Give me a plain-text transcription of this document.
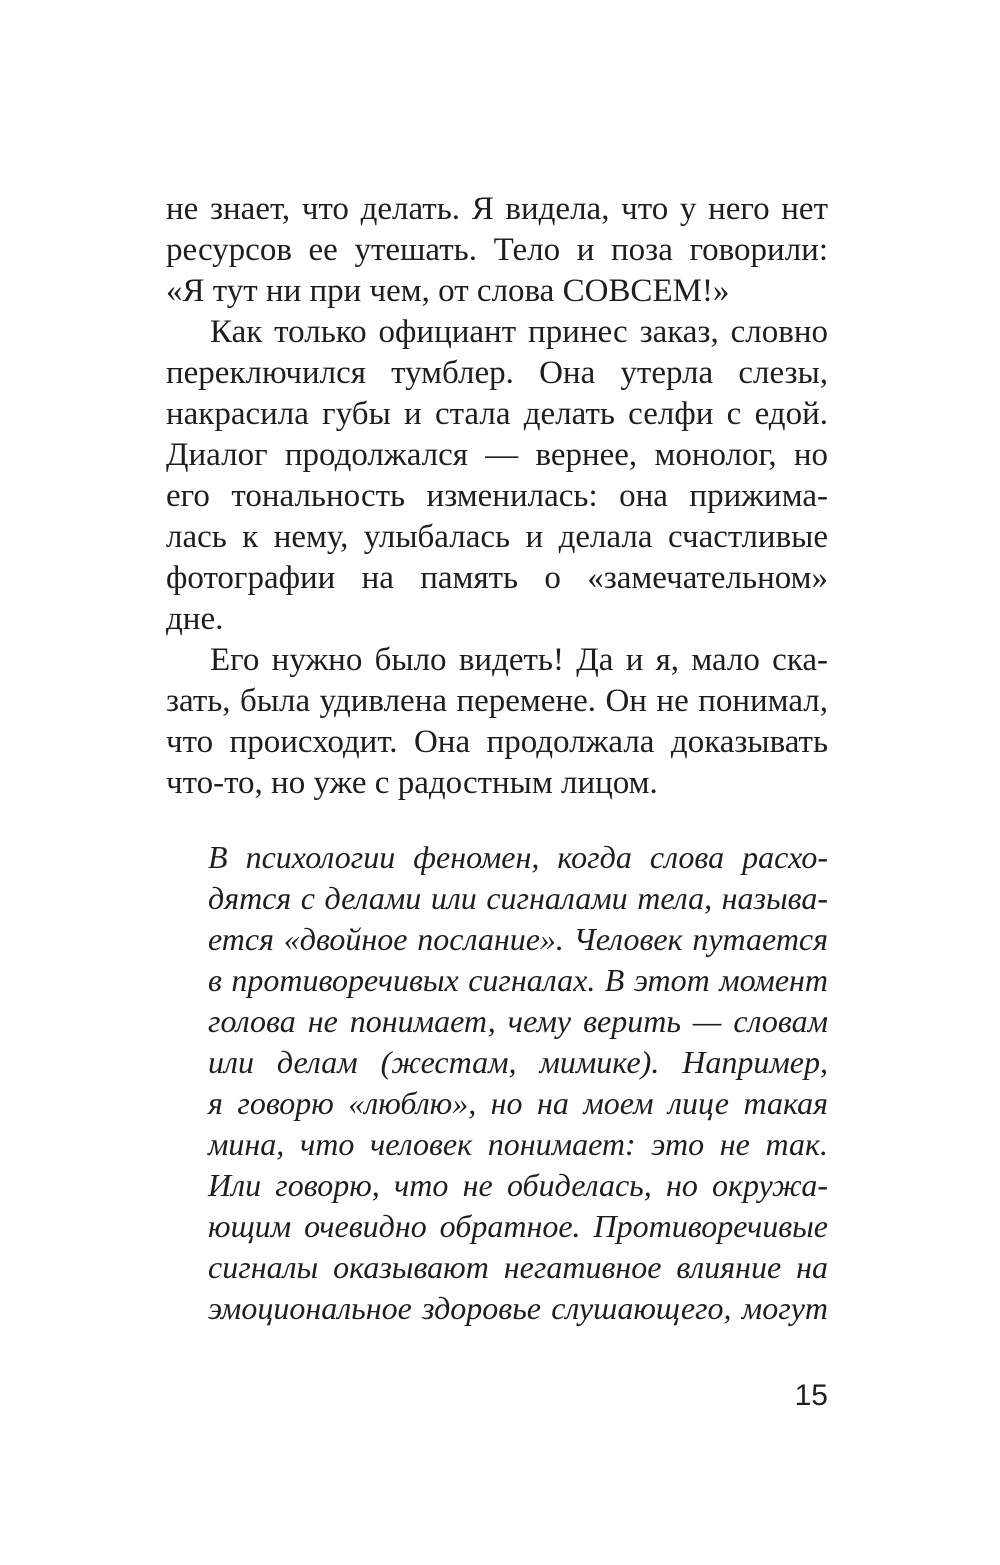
не знает, что делать. Я видела, что у него нет
ресурсов ее утешать. Тело и поза говорили:
«Я тут ни при чем, от слова СОВСЕМ!»
Как только официант принес заказ, словно
переключился тумблер. Она утерла слезы,
накрасила губы и стала делать селфи с едой.
Диалог продолжался — вернее, монолог, но
его тональность изменилась: она прижима-
лась к нему, улыбалась и делала счастливые
фотографии на память о «замечательном»
дне.
Его нужно было видеть! Да и я, мало ска-
зать, была удивлена перемене. Он не понимал,
что происходит. Она продолжала доказывать
что-то, но уже с радостным лицом.
В психологии феномен, когда слова расхо-
дятся с делами или сигналами тела, называ-
ется «двойное послание». Человек путается
в противоречивых сигналах. В этот момент
голова не понимает, чему верить — словам
или делам (жестам, мимике). Например,
я говорю «люблю», но на моем лице такая
мина, что человек понимает: это не так.
Или говорю, что не обиделась, но окружа-
ющим очевидно обратное. Противоречивые
сигналы оказывают негативное влияние на
эмоциональное здоровье слушающего, могут
15
